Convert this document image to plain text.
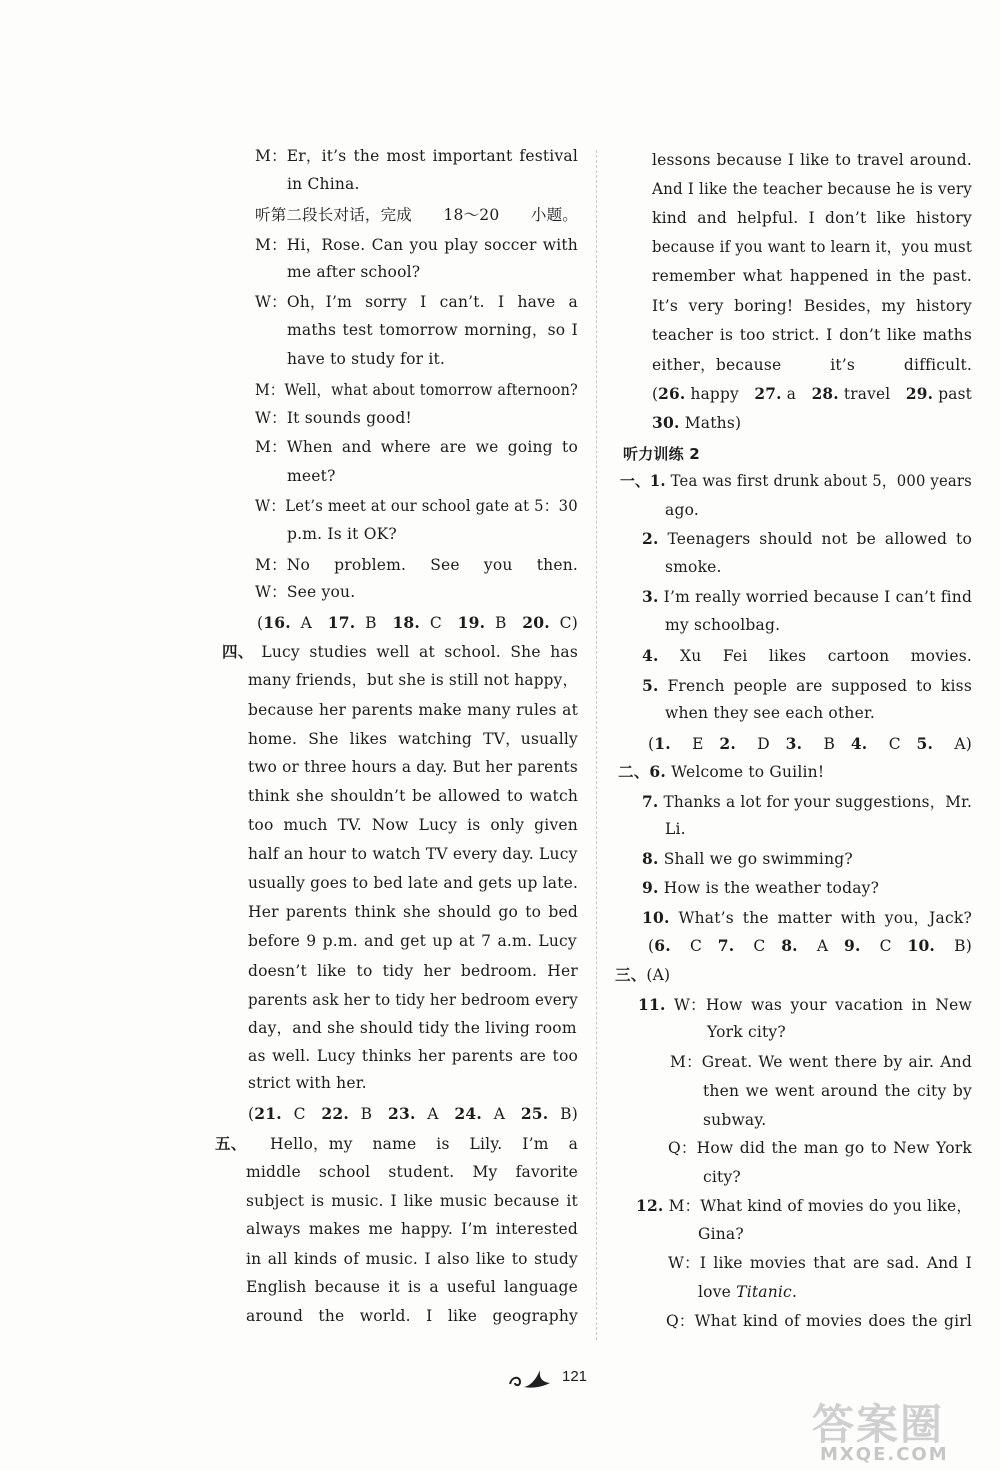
M：Er，it’s the most important festival
in China.
听第二段长对话，完成 18～20 小题。
M：Hi，Rose. Can you play soccer with
me after school?
W：Oh，I’m sorry I can’t. I have a
maths test tomorrow morning，so I
have to study for it.
M：Well，what about tomorrow afternoon?
W：It sounds good!
M：When and where are we going to
meet?
W：Let’s meet at our school gate at 5：30
p.m. Is it OK?
M：No problem. See you then.
W：See you.
(16. A　17. B　18. C　19. B　20. C)
四、　Lucy studies well at school. She has
many friends，but she is still not happy，
because her parents make many rules at
home. She likes watching TV，usually
two or three hours a day. But her parents
think she shouldn’t be allowed to watch
too much TV. Now Lucy is only given
half an hour to watch TV every day. Lucy
usually goes to bed late and gets up late.
Her parents think she should go to bed
before 9 p.m. and get up at 7 a.m. Lucy
doesn’t like to tidy her bedroom. Her
parents ask her to tidy her bedroom every
day，and she should tidy the living room
as well. Lucy thinks her parents are too
strict with her.
(21. C　22. B　23. A　24. A　25. B)
五、　　Hello，my name is Lily. I’m a
middle school student. My favorite
subject is music. I like music because it
always makes me happy. I’m interested
in all kinds of music. I also like to study
English because it is a useful language
around the world. I like geography
lessons because I like to travel around.
And I like the teacher because he is very
kind and helpful. I don’t like history
because if you want to learn it，you must
remember what happened in the past.
It’s very boring! Besides，my history
teacher is too strict. I don’t like maths
either，because it’s difficult.
(26. happy　27. a　28. travel　29. past
30. Maths)
听力训练 2
一、1. Tea was first drunk about 5，000 years
ago.
2. Teenagers should not be allowed to
smoke.
3. I’m really worried because I can’t find
my schoolbag.
4. Xu Fei likes cartoon movies.
5. French people are supposed to kiss
when they see each other.
(1. E　2. D　3. B　4. C　5. A)
二、6. Welcome to Guilin!
7. Thanks a lot for your suggestions，Mr.
Li.
8. Shall we go swimming?
9. How is the weather today?
10. What’s the matter with you，Jack?
(6. C　7. C　8. A　9. C　10. B)
三、(A)
11. W：How was your vacation in New
York city?
M：Great. We went there by air. And
then we went around the city by
subway.
Q：How did the man go to New York
city?
12. M：What kind of movies do you like，
Gina?
W：I like movies that are sad. And I
love Titanic.
Q：What kind of movies does the girl
121
答案圈
MXQE.COM
